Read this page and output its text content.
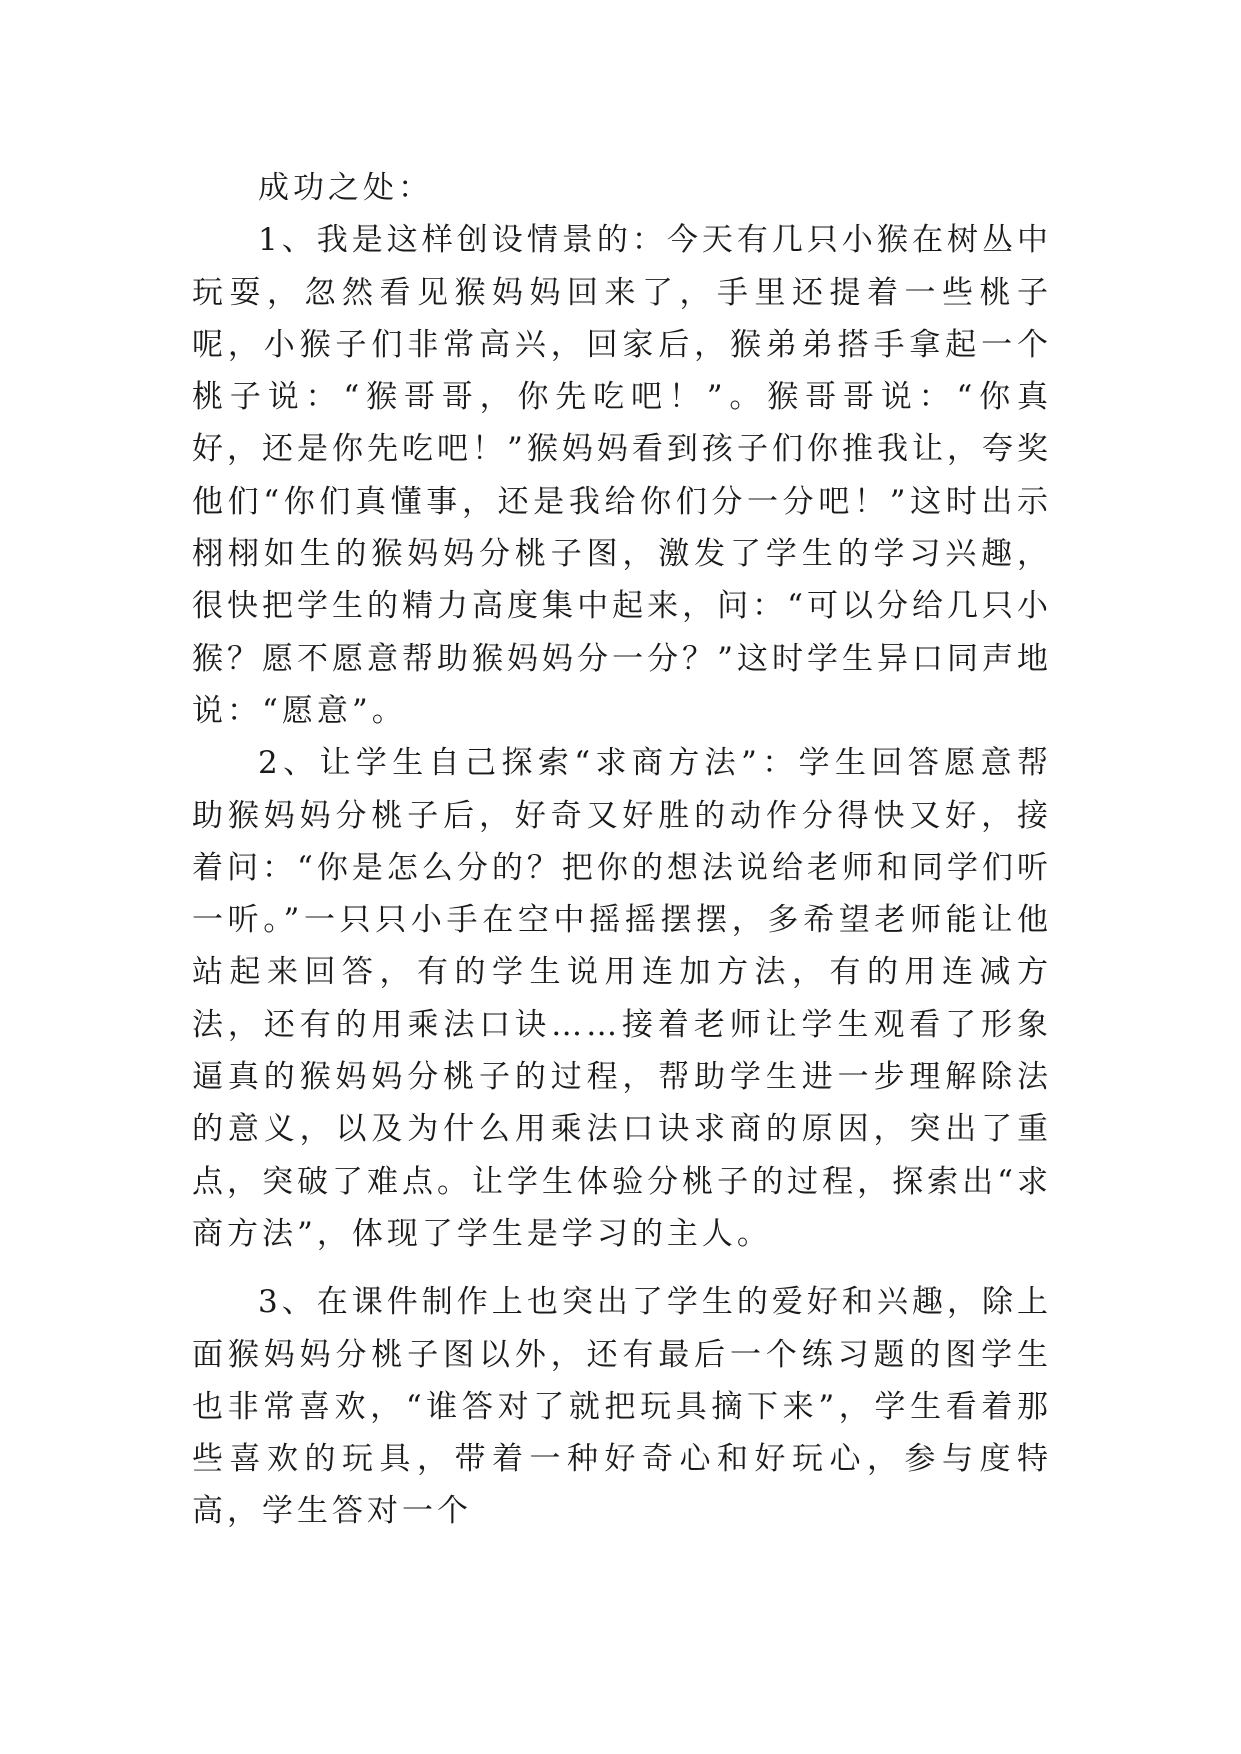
成功之处：

1、我是这样创设情景的：今天有几只小猴在树丛中玩耍，忽然看见猴妈妈回来了，手里还提着一些桃子呢，小猴子们非常高兴，回家后，猴弟弟搭手拿起一个桃子说：“猴哥哥，你先吃吧！”。猴哥哥说：“你真好，还是你先吃吧！”猴妈妈看到孩子们你推我让，夸奖他们“你们真懂事，还是我给你们分一分吧！”这时出示栩栩如生的猴妈妈分桃子图，激发了学生的学习兴趣，很快把学生的精力高度集中起来，问：“可以分给几只小猴？愿不愿意帮助猴妈妈分一分？”这时学生异口同声地说：“愿意”。

2、让学生自己探索“求商方法”：学生回答愿意帮助猴妈妈分桃子后，好奇又好胜的动作分得快又好，接着问：“你是怎么分的？把你的想法说给老师和同学们听一听。”一只只小手在空中摇摇摆摆，多希望老师能让他站起来回答，有的学生说用连加方法，有的用连减方法，还有的用乘法口诀……接着老师让学生观看了形象逼真的猴妈妈分桃子的过程，帮助学生进一步理解除法的意义，以及为什么用乘法口诀求商的原因，突出了重点，突破了难点。让学生体验分桃子的过程，探索出“求商方法”，体现了学生是学习的主人。

3、在课件制作上也突出了学生的爱好和兴趣，除上面猴妈妈分桃子图以外，还有最后一个练习题的图学生也非常喜欢，“谁答对了就把玩具摘下来”，学生看着那些喜欢的玩具，带着一种好奇心和好玩心，参与度特高，学生答对一个
